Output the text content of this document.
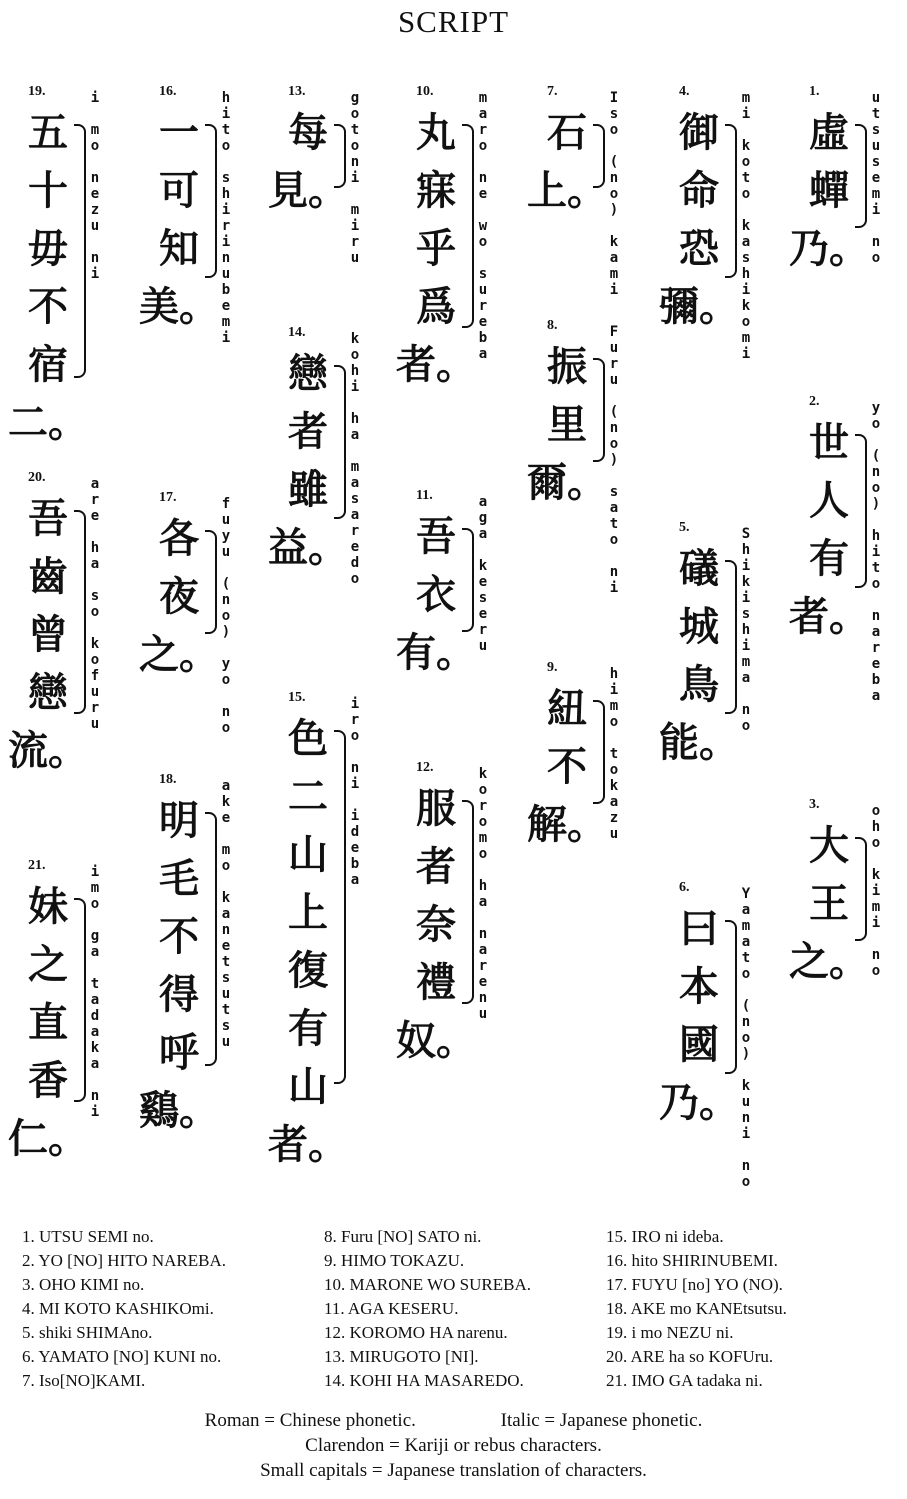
SCRIPT
1.
虛
蟬
乃。
utsusemi
no
2.
世
人
有
者。
yo
(no)
hito
nareba
3.
大
王
之。
oho
kimi
no
4.
御
命
恐
彌。
mi
koto
kashikomi
5.
礒
城
鳥
能。
Shikishima
no
6.
曰
本
國
乃。
Yamato
(no)
kuni
no
7.
石
上。
Iso
(no)
kami
8.
振
里
爾。
Furu
(no)
sato
ni
9.
紐
不
解。
himo
tokazu
10.
丸
寐
乎
爲
者。
maro
ne
wo
sureba
11.
吾
衣
有。
aga
keseru
12.
服
者
奈
禮
奴。
koromo
ha
narenu
13.
每
見。
gotoni
miru
14.
戀
者
雖
益。
kohi
ha
masaredo
15.
色
二
山
上
復
有
山
者。
iro
ni
ideba
16.
一
可
知
美。
hito
shirinubemi
17.
各
夜
之。
fuyu
(no)
yo
no
18.
明
毛
不
得
呼
鷄。
ake
mo
kanetsutsu
19.
五
十
毋
不
宿
二。
i
mo
nezu
ni
20.
吾
齒
曾
戀
流。
are
ha
so
kofuru
21.
妹
之
直
香
仁。
imo
ga
tadaka
ni
1. UTSU SEMI no.
2. YO [NO] HITO NAREBA.
3. OHO KIMI no.
4. MI KOTO KASHIKOmi.
5. shiki SHIMAno.
6. YAMATO [NO] KUNI no.
7. Iso[NO]KAMI.
8. Furu [NO] SATO ni.
9. HIMO TOKAZU.
10. MARONE WO SUREBA.
11. AGA KESERU.
12. KOROMO HA narenu.
13. MIRUGOTO [NI].
14. KOHI HA MASAREDO.
15. IRO ni ideba.
16. hito SHIRINUBEMI.
17. FUYU [no] YO (NO).
18. AKE mo KANEtsutsu.
19. i mo NEZU ni.
20. ARE ha so KOFUru.
21. IMO GA tadaka ni.
Roman = Chinese phonetic.	Italic = Japanese phonetic.
Clarendon = Kariji or rebus characters.
Small capitals = Japanese translation of characters.
